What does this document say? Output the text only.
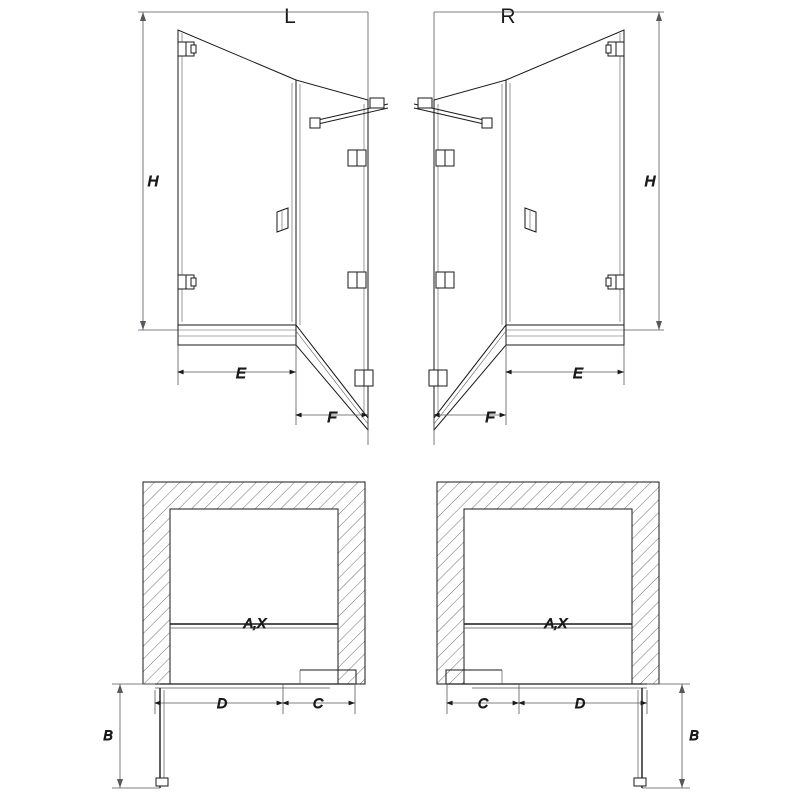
L	R
H
E
F
H
E
F
A,X
D	C
B
A,X
C	D
B
